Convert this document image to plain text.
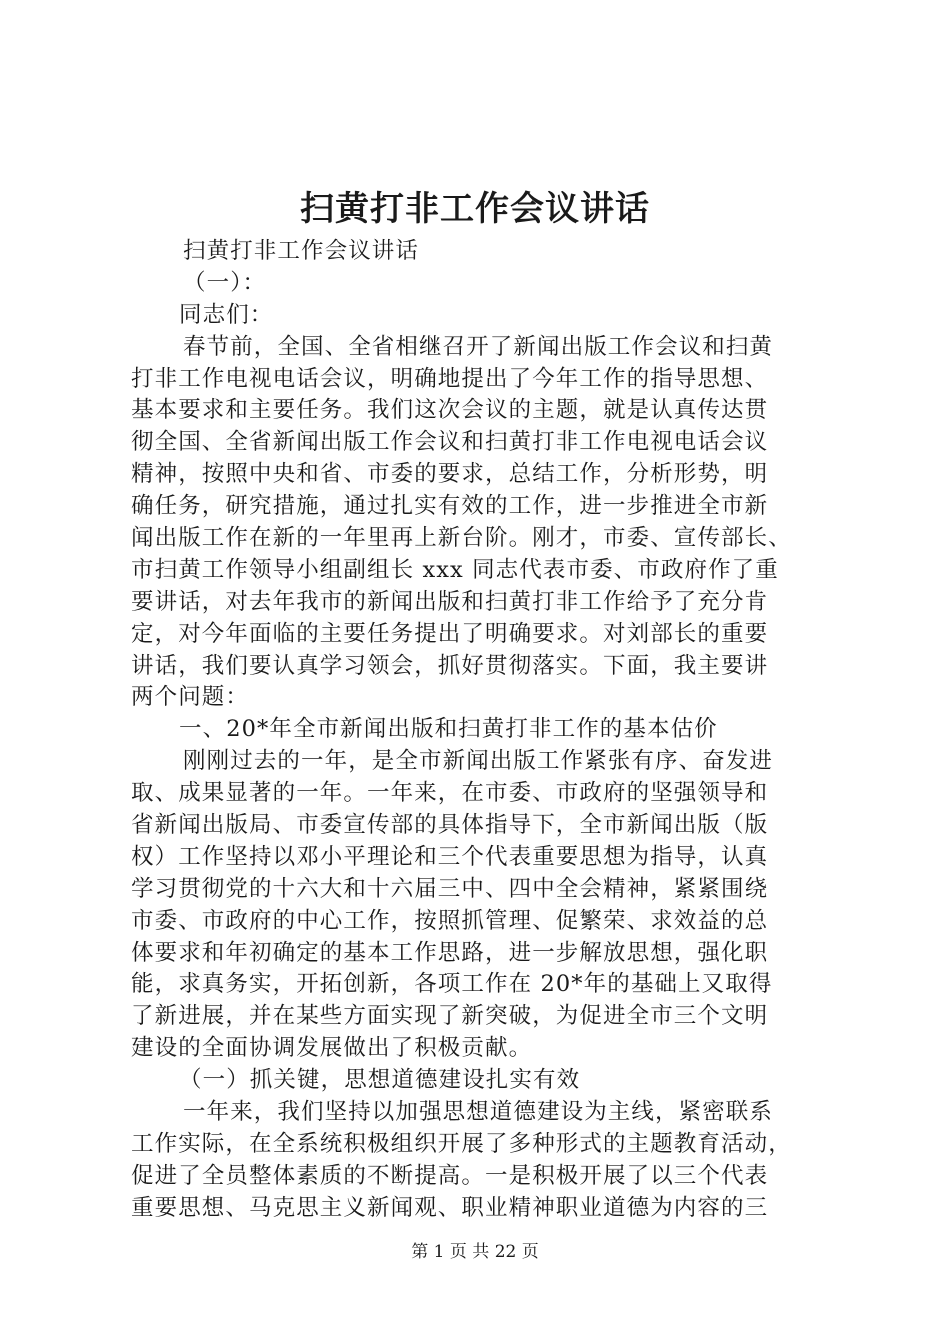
扫黄打非工作会议讲话
扫黄打非工作会议讲话
（一）：
同志们：
春节前，全国、全省相继召开了新闻出版工作会议和扫黄
打非工作电视电话会议，明确地提出了今年工作的指导思想、
基本要求和主要任务。我们这次会议的主题，就是认真传达贯
彻全国、全省新闻出版工作会议和扫黄打非工作电视电话会议
精神，按照中央和省、市委的要求，总结工作，分析形势，明
确任务，研究措施，通过扎实有效的工作，进一步推进全市新
闻出版工作在新的一年里再上新台阶。刚才，市委、宣传部长、
市扫黄工作领导小组副组长 xxx 同志代表市委、市政府作了重
要讲话，对去年我市的新闻出版和扫黄打非工作给予了充分肯
定，对今年面临的主要任务提出了明确要求。对刘部长的重要
讲话，我们要认真学习领会，抓好贯彻落实。下面，我主要讲
两个问题：
一、20*年全市新闻出版和扫黄打非工作的基本估价
刚刚过去的一年，是全市新闻出版工作紧张有序、奋发进
取、成果显著的一年。一年来，在市委、市政府的坚强领导和
省新闻出版局、市委宣传部的具体指导下，全市新闻出版（版
权）工作坚持以邓小平理论和三个代表重要思想为指导，认真
学习贯彻党的十六大和十六届三中、四中全会精神，紧紧围绕
市委、市政府的中心工作，按照抓管理、促繁荣、求效益的总
体要求和年初确定的基本工作思路，进一步解放思想，强化职
能，求真务实，开拓创新，各项工作在 20*年的基础上又取得
了新进展，并在某些方面实现了新突破，为促进全市三个文明
建设的全面协调发展做出了积极贡献。
（一）抓关键，思想道德建设扎实有效
一年来，我们坚持以加强思想道德建设为主线，紧密联系
工作实际，在全系统积极组织开展了多种形式的主题教育活动，
促进了全员整体素质的不断提高。一是积极开展了以三个代表
重要思想、马克思主义新闻观、职业精神职业道德为内容的三
第 1 页 共 22 页
